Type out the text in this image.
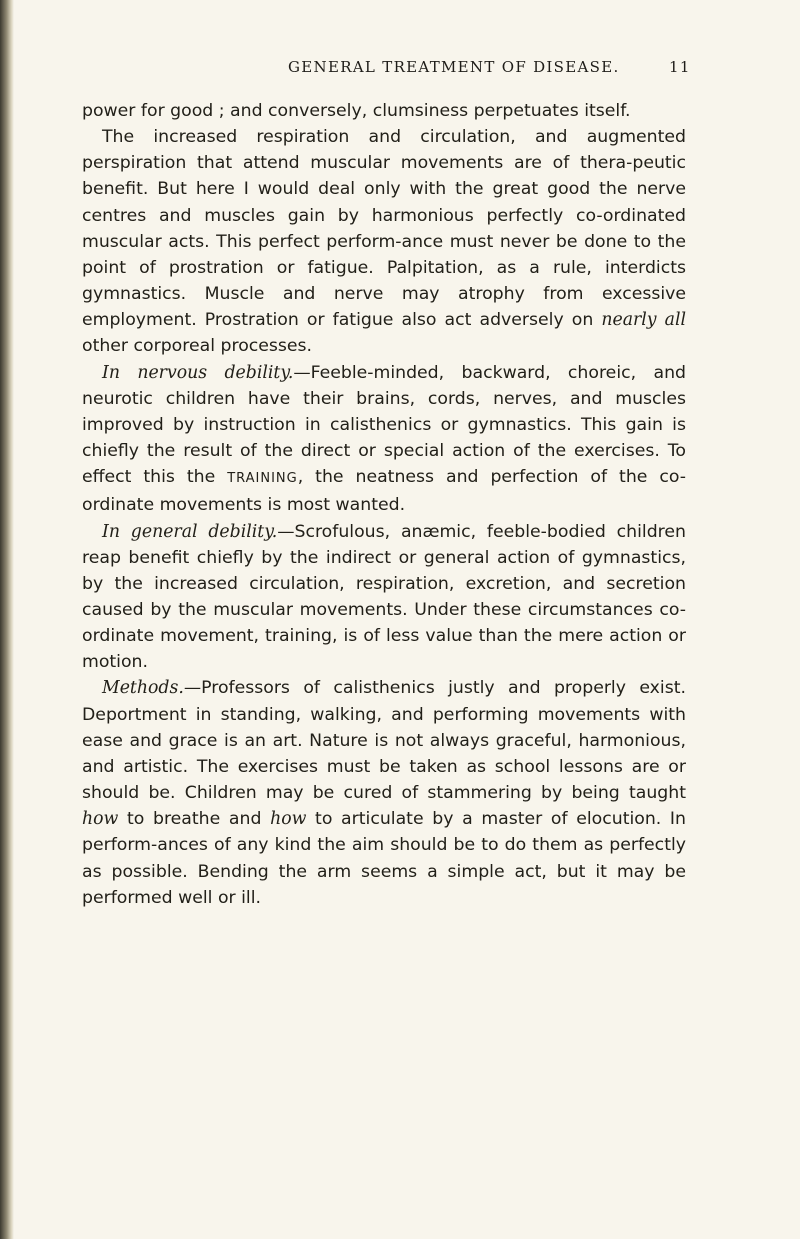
GENERAL TREATMENT OF DISEASE.	11

power for good ; and conversely, clumsiness perpetuates itself.

The increased respiration and circulation, and augmented perspiration that attend muscular movements are of thera-peutic benefit. But here I would deal only with the great good the nerve centres and muscles gain by harmonious perfectly co-ordinated muscular acts. This perfect perform-ance must never be done to the point of prostration or fatigue. Palpitation, as a rule, interdicts gymnastics. Muscle and nerve may atrophy from excessive employment. Prostration or fatigue also act adversely on nearly all other corporeal processes.

In nervous debility.—Feeble-minded, backward, choreic, and neurotic children have their brains, cords, nerves, and muscles improved by instruction in calisthenics or gymnastics. This gain is chiefly the result of the direct or special action of the exercises. To effect this the TRAINING, the neatness and perfection of the co-ordinate movements is most wanted.

In general debility.—Scrofulous, anæmic, feeble-bodied children reap benefit chiefly by the indirect or general action of gymnastics, by the increased circulation, respiration, excretion, and secretion caused by the muscular movements. Under these circumstances co-ordinate movement, training, is of less value than the mere action or motion.

Methods.—Professors of calisthenics justly and properly exist. Deportment in standing, walking, and performing movements with ease and grace is an art. Nature is not always graceful, harmonious, and artistic. The exercises must be taken as school lessons are or should be. Children may be cured of stammering by being taught how to breathe and how to articulate by a master of elocution. In perform-ances of any kind the aim should be to do them as perfectly as possible. Bending the arm seems a simple act, but it may be performed well or ill.
